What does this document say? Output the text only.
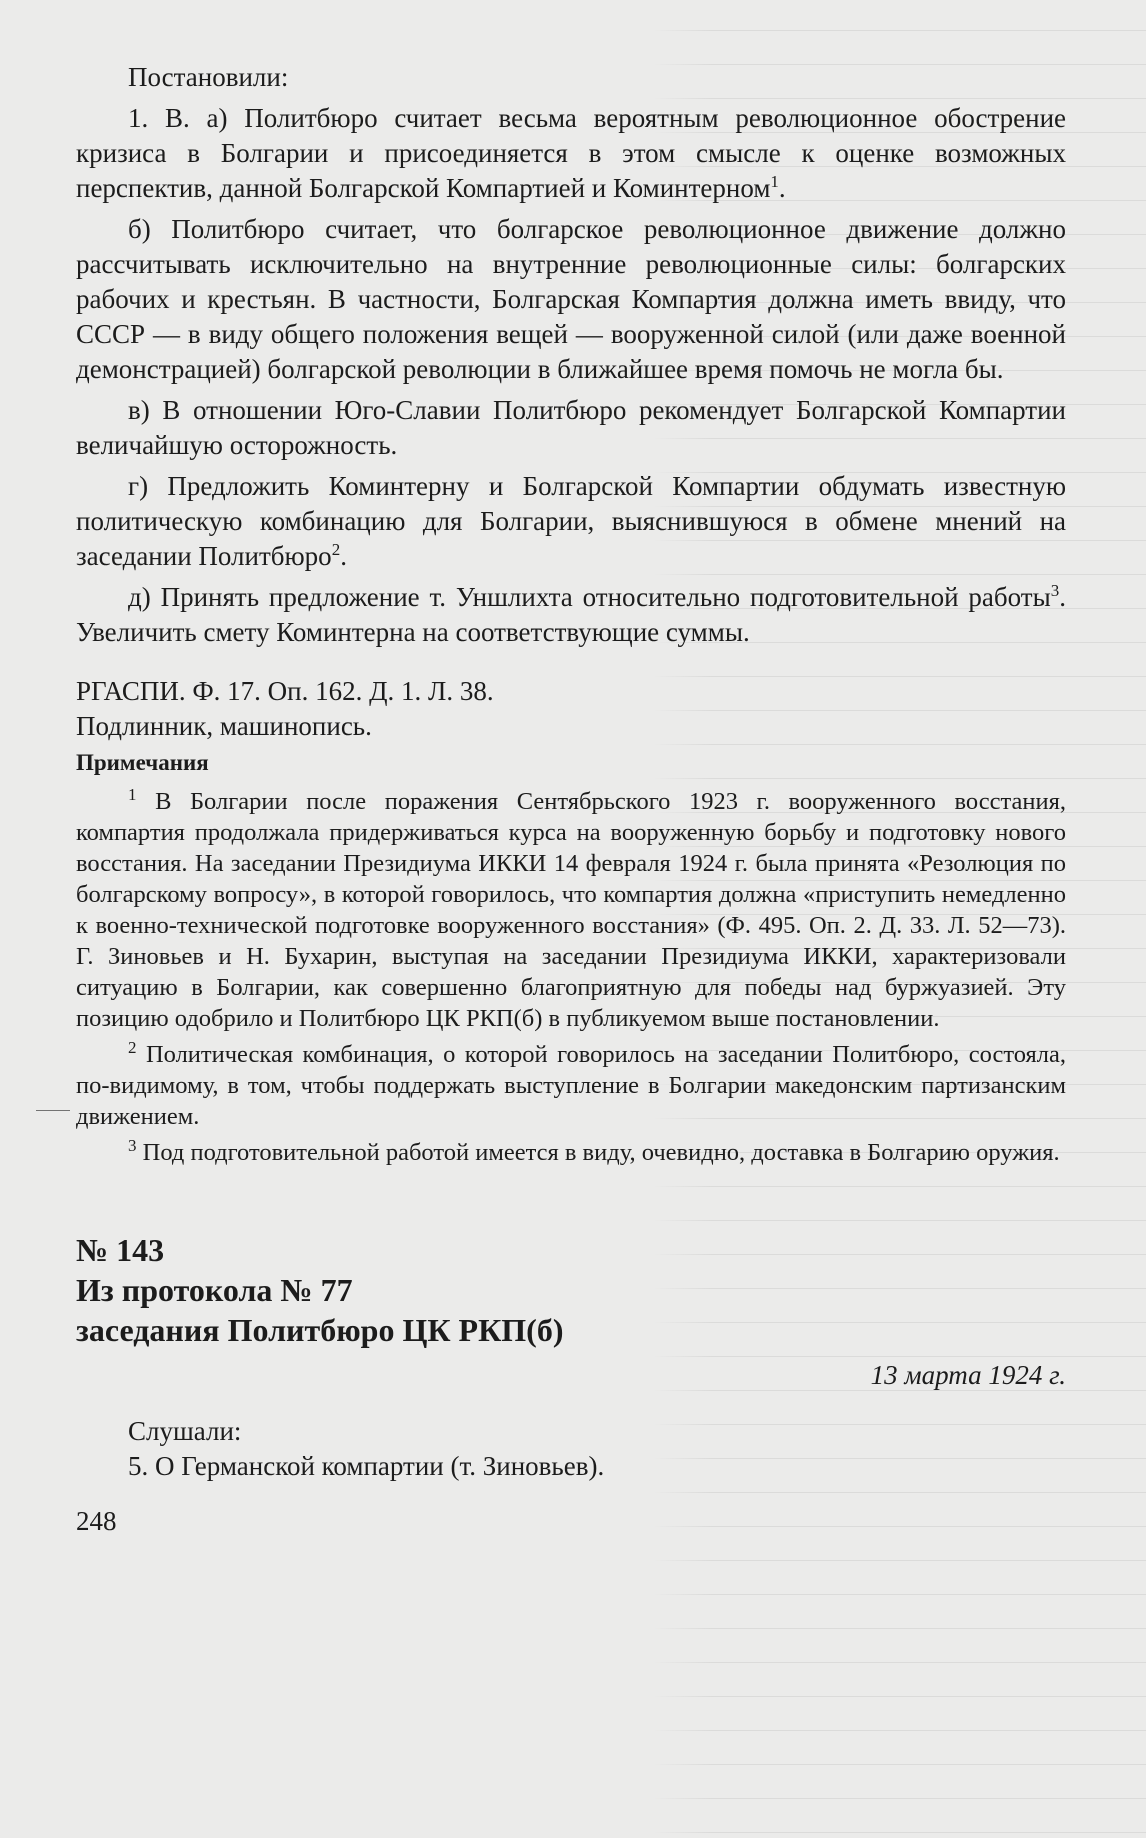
Постановили:

1. В. а) Политбюро считает весьма вероятным революционное обострение кризиса в Болгарии и присоединяется в этом смысле к оценке возможных перспектив, данной Болгарской Компартией и Коминтерном$^1$.

б) Политбюро считает, что болгарское революционное движение должно рассчитывать исключительно на внутренние революционные силы: болгарских рабочих и крестьян. В частности, Болгарская Компартия должна иметь ввиду, что СССР — в виду общего положения вещей — вооруженной силой (или даже военной демонстрацией) болгарской революции в ближайшее время помочь не могла бы.

в) В отношении Юго-Славии Политбюро рекомендует Болгарской Компартии величайшую осторожность.

г) Предложить Коминтерну и Болгарской Компартии обдумать известную политическую комбинацию для Болгарии, выяснившуюся в обмене мнений на заседании Политбюро$^2$.

д) Принять предложение т. Уншлихта относительно подготовительной работы$^3$. Увеличить смету Коминтерна на соответствующие суммы.

РГАСПИ. Ф. 17. Оп. 162. Д. 1. Л. 38.
Подлинник, машинопись.
Примечания

$^1$ В Болгарии после поражения Сентябрьского 1923 г. вооруженного восстания, компартия продолжала придерживаться курса на вооруженную борьбу и подготовку нового восстания. На заседании Президиума ИККИ 14 февраля 1924 г. была принята «Резолюция по болгарскому вопросу», в которой говорилось, что компартия должна «приступить немедленно к военно-технической подготовке вооруженного восстания» (Ф. 495. Оп. 2. Д. 33. Л. 52—73). Г. Зиновьев и Н. Бухарин, выступая на заседании Президиума ИККИ, характеризовали ситуацию в Болгарии, как совершенно благоприятную для победы над буржуазией. Эту позицию одобрило и Политбюро ЦК РКП(б) в публикуемом выше постановлении.

$^2$ Политическая комбинация, о которой говорилось на заседании Политбюро, состояла, по-видимому, в том, чтобы поддержать выступление в Болгарии македонским партизанским движением.

$^3$ Под подготовительной работой имеется в виду, очевидно, доставка в Болгарию оружия.

№ 143
Из протокола № 77
заседания Политбюро ЦК РКП(б)
13 марта 1924 г.

Слушали:

5. О Германской компартии (т. Зиновьев).

248
